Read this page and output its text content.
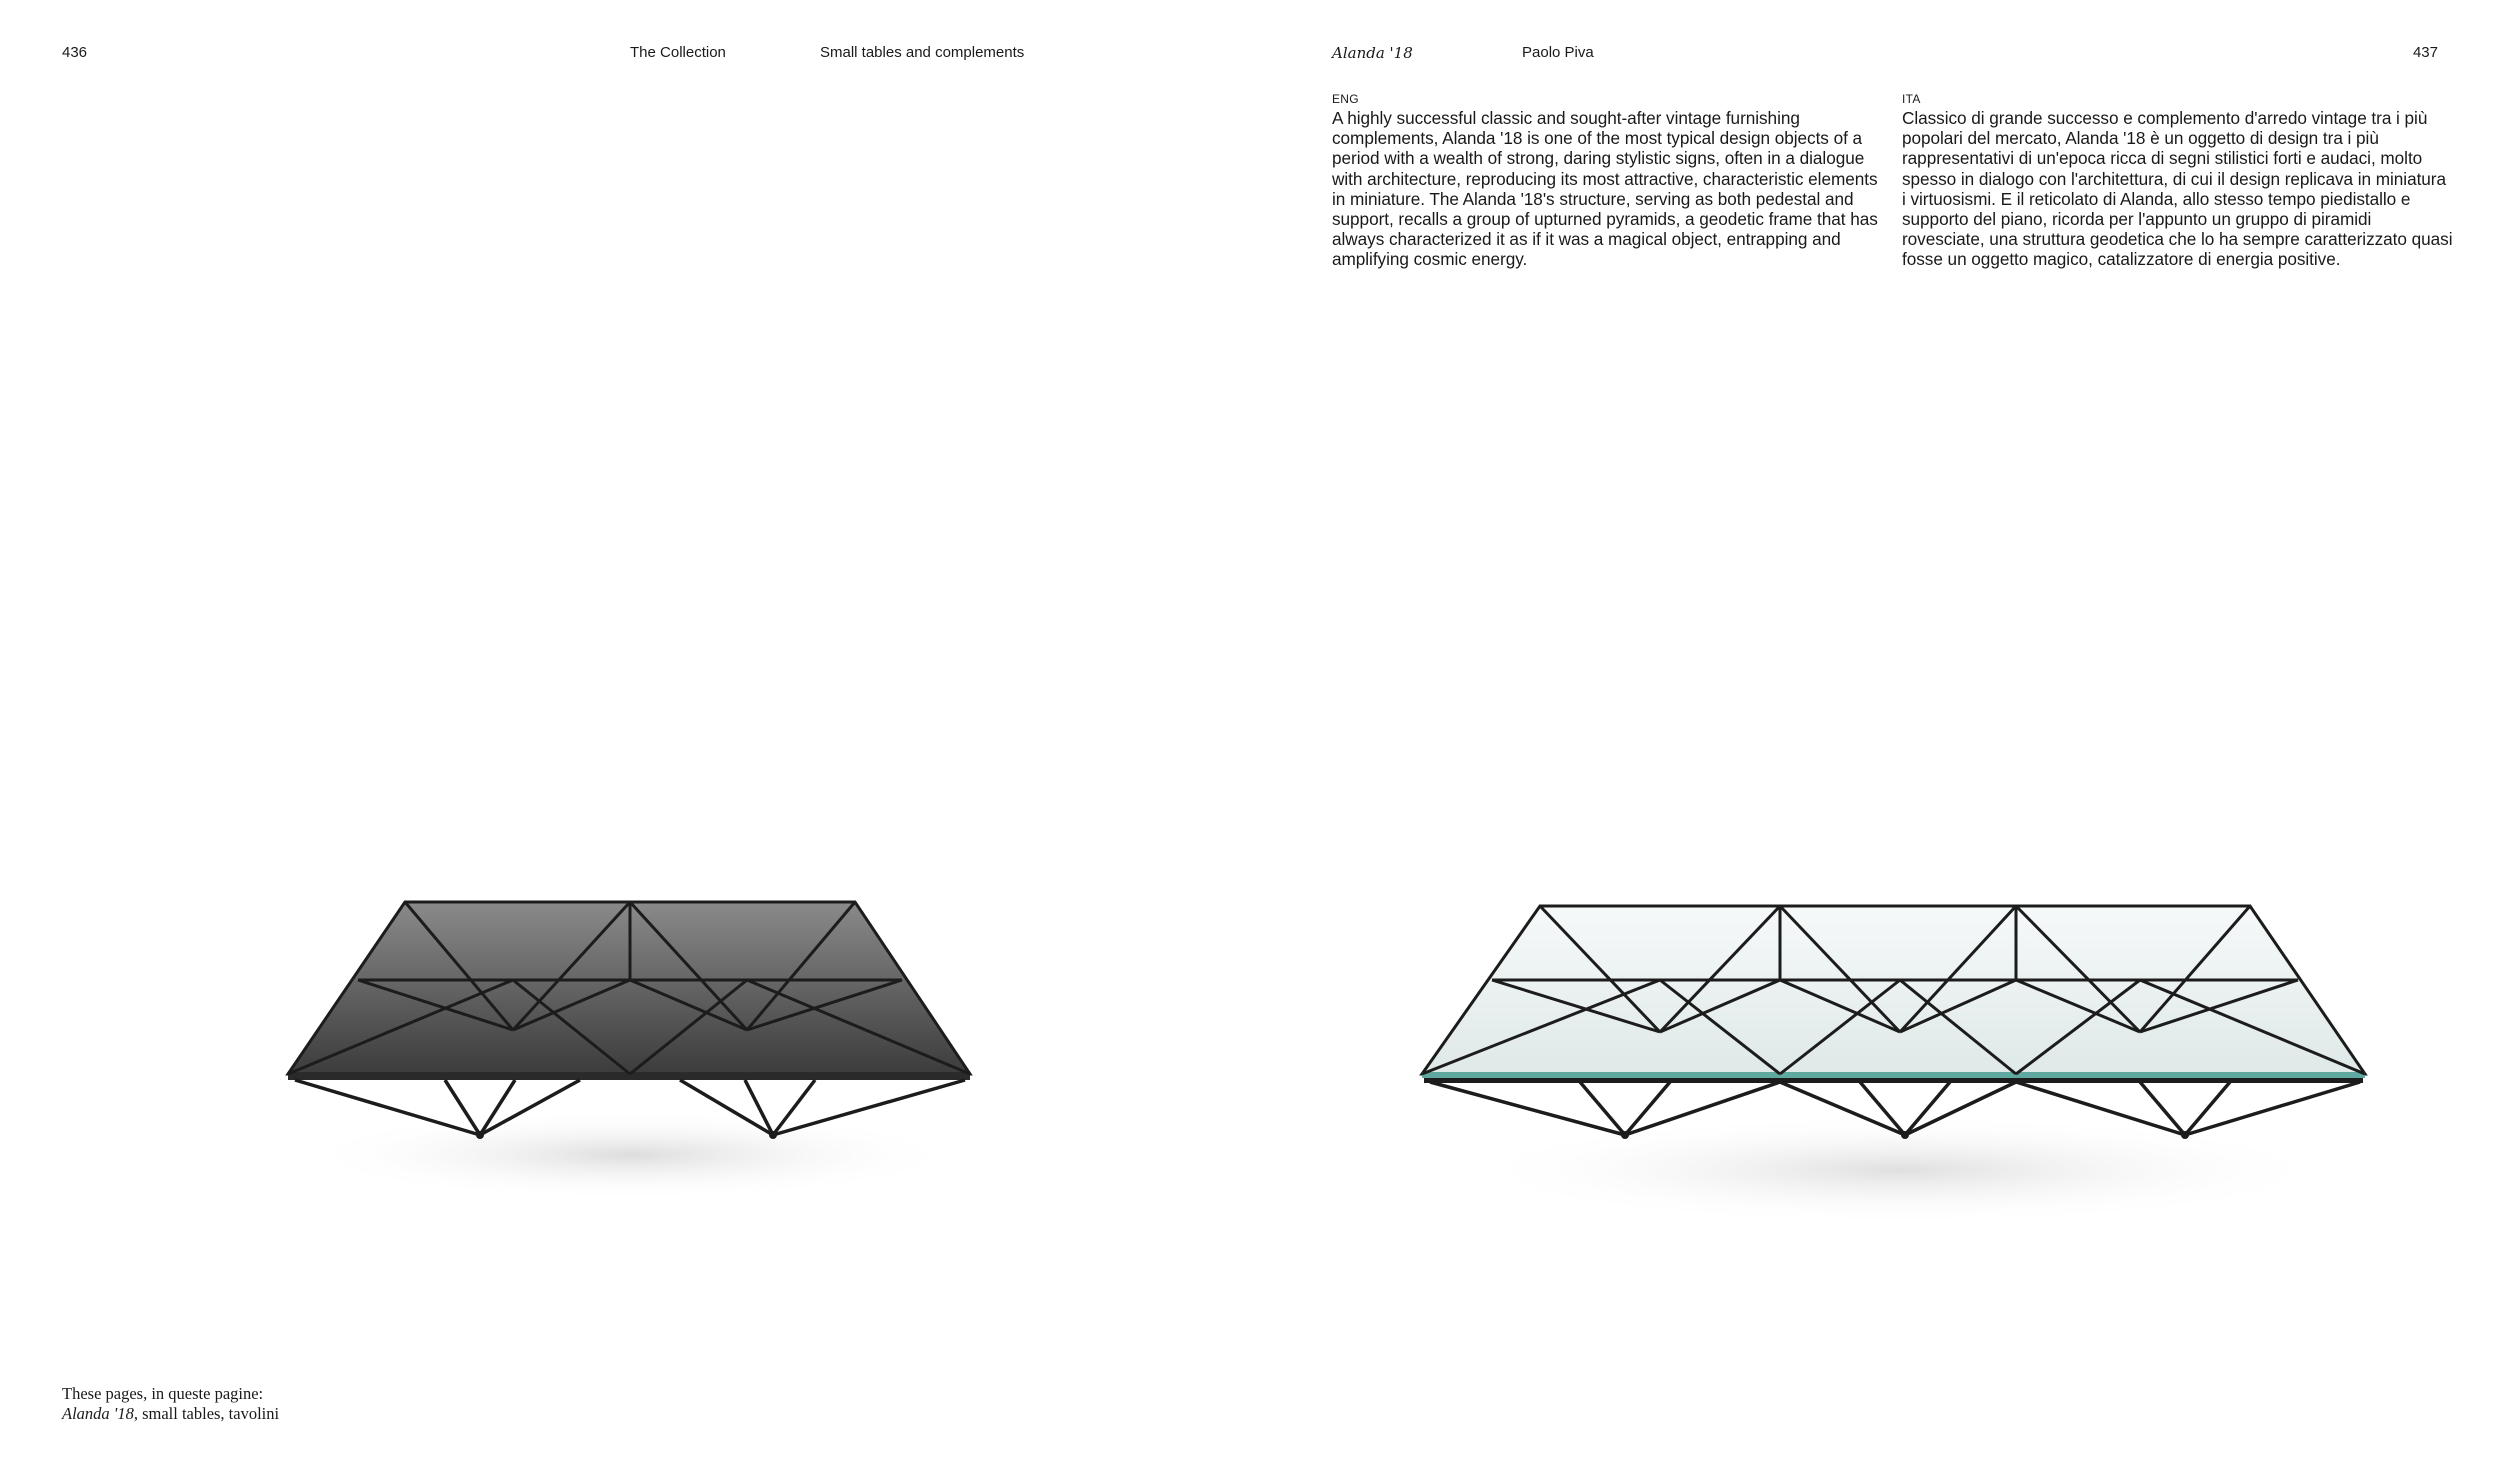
436	The Collection	Small tables and complements
These pages, in queste pagine:
Alanda '18, small tables, tavolini
Alanda '18	Paolo Piva	437
ENG
A highly successful classic and sought-after vintage furnishing complements, Alanda '18 is one of the most typical design objects of a period with a wealth of strong, daring stylistic signs, often in a dialogue with architecture, reproducing its most attractive, characteristic elements in miniature. The Alanda '18's structure, serving as both pedestal and support, recalls a group of upturned pyramids, a geodetic frame that has always characterized it as if it was a magical object, entrapping and amplifying cosmic energy.
ITA
Classico di grande successo e complemento d'arredo vintage tra i più popolari del mercato, Alanda '18 è un oggetto di design tra i più rappresentativi di un'epoca ricca di segni stilistici forti e audaci, molto spesso in dialogo con l'architettura, di cui il design replicava in miniatura i virtuosismi. E il reticolato di Alanda, allo stesso tempo piedistallo e supporto del piano, ricorda per l'appunto un gruppo di piramidi rovesciate, una struttura geodetica che lo ha sempre caratterizzato quasi fosse un oggetto magico, catalizzatore di energia positive.
